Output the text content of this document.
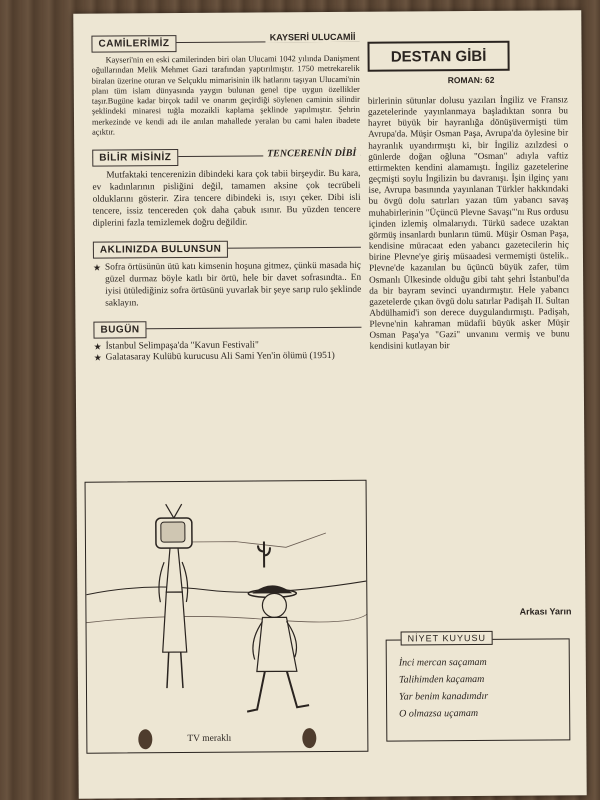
CAMİLERİMİZ
KAYSERİ ULUCAMİİ

Kayseri'nin en eski camilerinden biri olan Ulucami 1042 yılında Danişment oğullarından Melik Mehmet Gazi tarafından yaptırılmıştır. 1750 metrekarelik biralan üzerine oturan ve Selçuklu mimarisinin ilk hatlarını taşıyan Ulucami'nin planı tüm islam dünyasında yaygın bulunan genel tipe uygun özellikler taşır.Bugüne kadar birçok tadil ve onarım geçirdiği söylenen caminin silindir şeklindeki minaresi tuğla mozaikli kaplama şeklinde yapılmıştır. Şehrin merkezinde ve kendi adı ile anılan mahallede yeralan bu cami halen ibadete açıktır.

BİLİR MİSİNİZ	TENCERENİN DİBİ

Mutfaktaki tencerenizin dibindeki kara çok tabii birşeydir. Bu kara, ev kadınlarının pisliğini değil, tamamen aksine çok tecrübeli olduklarını gösterir. Zira tencere dibindeki is, ısıyı çeker. Dibi isli tencere, issiz tencereden çok daha çabuk ısınır. Bu yüzden tencere diplerini fazla temizlemek doğru değildir.

AKLINIZDA BULUNSUN

★ Sofra örtüsünün ütü katı kimsenin hoşuna gitmez, çünkü masada hiç güzel durmaz böyle katlı bir örtü, hele bir davet sofrasındta.. En iyisi ütülediğiniz sofra örtüsünü yuvarlak bir şeye sarıp rulo şeklinde saklayın.

BUGÜN
★ İstanbul Selimpaşa'da "Kavun Festivali"
★ Galatasaray Kulübü kurucusu Ali Sami Yen'in ölümü (1951)
TV meraklı
DESTAN GİBİ
ROMAN: 62

birlerinin sütunlar dolusu yazıları İngiliz ve Fransız gazetelerinde yayınlanmaya başladıktan sonra bu hayret büyük bir hayranlığa dönüşüvermişti tüm Avrupa'da. Müşir Osman Paşa, Avrupa'da öylesine bir hayranlık uyandırmıştı ki, bir İngiliz azılzdesi o günlerde doğan oğluna "Osman" adıyla vaftiz ettirmekten kendini alamamıştı. İngiliz gazetelerine geçmişti soylu İngilizin bu davranışı. İşin ilginç yanı ise, Avrupa basınında yayınlanan Türkler hakkındaki bu övgü dolu satırları yazan tüm yabancı savaş muhabirlerinin "Üçüncü Plevne Savaşı"'nı Rus ordusu içinden izlemiş olmalarıydı. Türkü sadece uzaktan görmüş insanlardı bunların tümü. Müşir Osman Paşa, kendisine müracaat eden yabancı gazetecilerin hiç birine Plevne'ye giriş müsaadesi vermemişti üstelik.. Plevne'de kazanılan bu üçüncü büyük zafer, tüm Osmanlı Ülkesinde olduğu gibi taht şehri İstanbul'da da bir bayram sevinci uyandırmıştır. Hele yabancı gazetelerde çıkan övgü dolu satırlar Padişah II. Sultan Abdülhamid'i son derece duygulandırmıştı. Padişah, Plevne'nin kahraman müdafii büyük asker Müşir Osman Paşa'ya "Gazi" unvanını vermiş ve bunu kendisini kutlayan bir

Arkası Yarın
NİYET KUYUSU
İnci mercan saçamam
Talihimden kaçamam
Yar benim kanadımdır
O olmazsa uçamam
